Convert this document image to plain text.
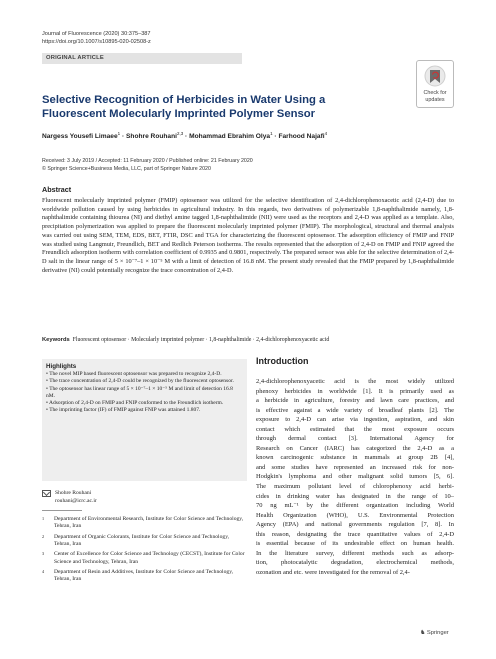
Journal of Fluorescence (2020) 30:375–387
https://doi.org/10.1007/s10895-020-02508-z
ORIGINAL ARTICLE
Check for
updates
Selective Recognition of Herbicides in Water Using a Fluorescent Molecularly Imprinted Polymer Sensor
Nargess Yousefi Limaee$^1$ · Shohre Rouhani$^{2,3}$ · Mohammad Ebrahim Olya$^1$ · Farhood Najafi$^4$
Received: 3 July 2019 / Accepted: 11 February 2020 / Published online: 21 February 2020
© Springer Science+Business Media, LLC, part of Springer Nature 2020
Abstract

Fluorescent molecularly imprinted polymer (FMIP) optosensor was utilized for the selective identification of 2,4-dichlorophenoxacetic acid (2,4-D) due to worldwide pollution caused by using herbicides in agricultural industry. In this regards, two derivatives of polymerizable 1,8-naphthalimide namely, 1,8-naphthalimide containing thiourea (NI) and diethyl amine tagged 1,8-naphthalimide (NII) were used as the receptors and 2,4-D was applied as a template. Also, precipitation polymerization was applied to prepare the fluorescent molecularly imprinted polymer (FMIP). The morphological, structural and thermal analysis was carried out using SEM, TEM, EDS, BET, FTIR, DSC and TGA for characterizing the fluorescent optosensor. The adsorption efficiency of FMIP and FNIP was studied using Langmuir, Freundlich, BET and Redlich Peterson isotherms. The results represented that the adsorption of 2,4-D on FMIP and FNIP agreed the Freundlich adsorption isotherm with correlation coefficient of 0.9935 and 0.9801, respectively. The prepared sensor was able for the selective determination of 2,4-D salt in the linear range of 5 × 10⁻⁷–1 × 10⁻⁵ M with a limit of detection of 16.8 nM. The present study revealed that the FMIP prepared by 1,8-naphthalimide derivative (NI) could potentially recognize the trace concentration of 2,4-D.

Keywords Fluorescent optosensor · Molecularly imprinted polymer · 1,8-naphthalimide · 2,4-dichlorophenoxyacetic acid
Highlights
• The novel MIP based fluorescent optosensor was prepared to recognize 2,4-D.
• The trace concentration of 2,4-D could be recognized by the fluorescent optosensor.
• The optosensor has linear range of 5 × 10⁻⁷–1 × 10⁻⁵ M and limit of detection 16.8 nM.
• Adsorption of 2,4-D on FMIP and FNIP conformed to the Freundlich isotherm.
• The imprinting factor (IF) of FMIP against FNIP was attained 1.807.
Shohre Rouhani
rouhani@icrc.ac.ir
1 Department of Environmental Research, Institute for Color Science and Technology, Tehran, Iran
2 Department of Organic Colorants, Institute for Color Science and Technology, Tehran, Iran
3 Center of Excellence for Color Science and Technology (CECST), Institute for Color Science and Technology, Tehran, Iran
4 Department of Resin and Additives, Institute for Color Science and Technology, Tehran, Iran
Introduction
2,4-dichlorophenoxyacetic acid is the most widely utilized
phenoxy herbicides in worldwide [1]. It is primarily used as
a herbicide in agriculture, forestry and lawn care practices, and
is effective against a wide variety of broadleaf plants [2]. The
exposure to 2,4-D can arise via ingestion, aspiration, and skin
contact which estimated that the most exposure occurs
through dermal contact [3]. International Agency for
Research on Cancer (IARC) has categorized the 2,4-D as a
known carcinogenic substance in mammals at group 2B [4],
and some studies have represented an increased risk for non-
Hodgkin's lymphoma and other malignant solid tumors [5, 6].
The maximum pollutant level of chlorophenoxy acid herbi-
cides in drinking water has designated in the range of 10–
70 ng mL⁻¹ by the different organization including World
Health Organization (WHO), U.S. Environmental Protection
Agency (EPA) and national governments regulation [7, 8]. In
this reason, designating the trace quantitative values of 2,4-D
is essential because of its undesirable effect on human health.
In the literature survey, different methods such as adsorp-
tion, photocatalytic degradation, electrochemical methods,
ozonation and etc. were investigated for the removal of 2,4-
♞ Springer
